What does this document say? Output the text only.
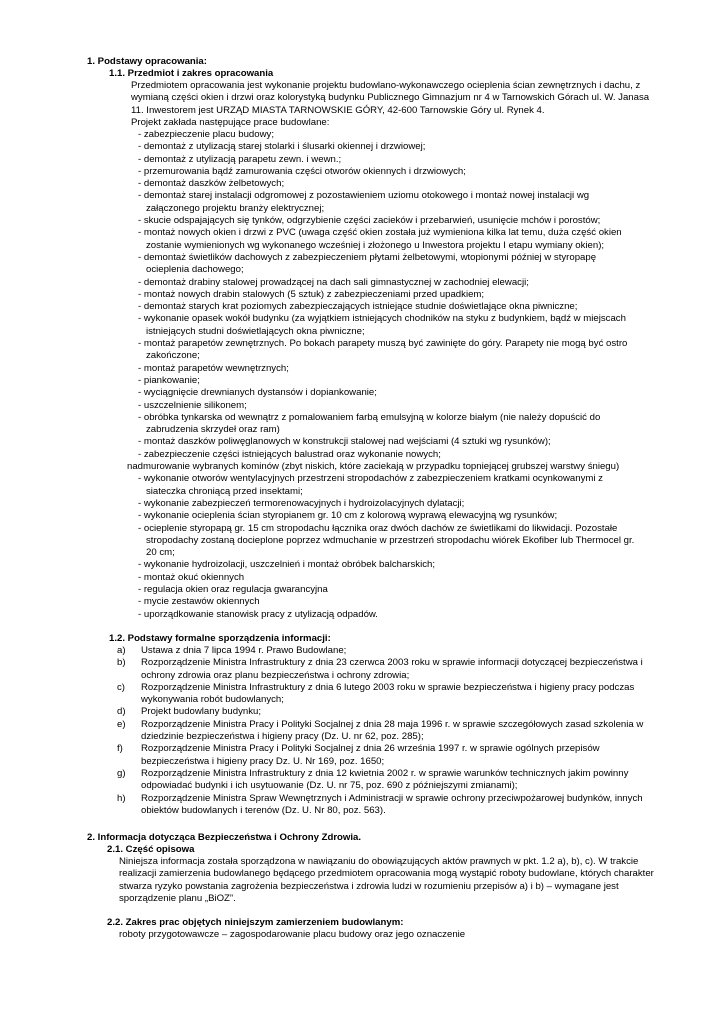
1. Podstawy opracowania:
1.1. Przedmiot i zakres opracowania
Przedmiotem opracowania jest wykonanie projektu budowlano-wykonawczego ocieplenia ścian zewnętrznych i dachu, z wymianą części okien i drzwi oraz kolorystyką budynku Publicznego Gimnazjum nr 4 w Tarnowskich Górach ul. W. Janasa 11. Inwestorem jest URZĄD MIASTA TARNOWSKIE GÓRY, 42-600 Tarnowskie Góry ul. Rynek 4.
Projekt zakłada następujące prace budowlane:
- zabezpieczenie placu budowy;
- demontaż z utylizacją starej stolarki i ślusarki okiennej i drzwiowej;
- demontaż z utylizacją parapetu zewn. i wewn.;
- przemurowania bądź zamurowania części otworów okiennych i drzwiowych;
- demontaż daszków żelbetowych;
- demontaż starej instalacji odgromowej z pozostawieniem uziomu otokowego i montaż nowej instalacji wg załączonego projektu branży elektrycznej;
- skucie odspajających się tynków, odgrzybienie części zacieków i przebarwień, usunięcie mchów i porostów;
- montaż nowych okien i drzwi z PVC (uwaga część okien została już wymieniona kilka lat temu, duża część okien zostanie wymienionych wg wykonanego wcześniej i złożonego u Inwestora projektu I etapu wymiany okien);
- demontaż świetlików dachowych z zabezpieczeniem płytami żelbetowymi, wtopionymi później w styropapę ocieplenia dachowego;
- demontaż drabiny stalowej prowadzącej na dach sali gimnastycznej w zachodniej elewacji;
- montaż nowych drabin stalowych (5 sztuk) z zabezpieczeniami przed upadkiem;
- demontaż starych krat poziomych zabezpieczających istniejące studnie doświetlające okna piwniczne;
- wykonanie opasek wokół budynku (za wyjątkiem istniejących chodników na styku z budynkiem, bądź w miejscach istniejących studni doświetlających okna piwniczne;
- montaż parapetów zewnętrznych. Po bokach parapety muszą być zawinięte do góry. Parapety nie mogą być ostro zakończone;
- montaż parapetów wewnętrznych;
- piankowanie;
- wyciągnięcie drewnianych dystansów i dopiankowanie;
- uszczelnienie silikonem;
- obróbka tynkarska od wewnątrz z pomalowaniem farbą emulsyjną w kolorze białym (nie należy dopuścić do zabrudzenia skrzydeł oraz ram)
- montaż daszków poliwęglanowych w konstrukcji stalowej nad wejściami (4 sztuki wg rysunków);
- zabezpieczenie części istniejących balustrad oraz wykonanie nowych;
nadmurowanie wybranych kominów (zbyt niskich, które zaciekają w przypadku topniejącej grubszej warstwy śniegu)
- wykonanie otworów wentylacyjnych przestrzeni stropodachów z zabezpieczeniem kratkami ocynkowanymi z siateczka chroniącą przed insektami;
- wykonanie zabezpieczeń termorenowacyjnych i hydroizolacyjnych dylatacji;
- wykonanie ocieplenia ścian styropianem gr. 10 cm z kolorową wyprawą elewacyjną wg rysunków;
- ocieplenie styropapą gr. 15 cm stropodachu łącznika oraz dwóch dachów ze świetlikami do likwidacji. Pozostałe stropodachy zostaną docieplone poprzez wdmuchanie w przestrzeń stropodachu wiórek Ekofiber lub Thermocel gr. 20 cm;
- wykonanie hydroizolacji, uszczelnień i montaż obróbek balcharskich;
- montaż okuć okiennych
- regulacja okien oraz regulacja gwarancyjna
- mycie zestawów okiennych
- uporządkowanie stanowisk pracy z utylizacją odpadów.
1.2. Podstawy formalne sporządzenia informacji:
a) Ustawa z dnia 7 lipca 1994 r. Prawo Budowlane;
b) Rozporządzenie Ministra Infrastruktury z dnia 23 czerwca 2003 roku w sprawie informacji dotyczącej bezpieczeństwa i ochrony zdrowia oraz planu bezpieczeństwa i ochrony zdrowia;
c) Rozporządzenie Ministra Infrastruktury z dnia 6 lutego 2003 roku w sprawie bezpieczeństwa i higieny pracy podczas wykonywania robót budowlanych;
d) Projekt budowlany budynku;
e) Rozporządzenie Ministra Pracy i Polityki Socjalnej z dnia 28 maja 1996 r. w sprawie szczegółowych zasad szkolenia w dziedzinie bezpieczeństwa i higieny pracy (Dz. U. nr 62, poz. 285);
f) Rozporządzenie Ministra Pracy i Polityki Socjalnej z dnia 26 września 1997 r. w sprawie ogólnych przepisów bezpieczeństwa i higieny pracy Dz. U. Nr 169, poz. 1650;
g) Rozporządzenie Ministra Infrastruktury z dnia 12 kwietnia 2002 r. w sprawie warunków technicznych jakim powinny odpowiadać budynki i ich usytuowanie (Dz. U. nr 75, poz. 690 z późniejszymi zmianami);
h) Rozporządzenie Ministra Spraw Wewnętrznych i Administracji w sprawie ochrony przeciwpożarowej budynków, innych obiektów budowlanych i terenów (Dz. U. Nr 80, poz. 563).
2. Informacja dotycząca Bezpieczeństwa i Ochrony Zdrowia.
2.1. Część opisowa
Niniejsza informacja została sporządzona w nawiązaniu do obowiązujących aktów prawnych w pkt. 1.2 a), b), c). W trakcie realizacji zamierzenia budowlanego będącego przedmiotem opracowania mogą wystąpić roboty budowlane, których charakter stwarza ryzyko powstania zagrożenia bezpieczeństwa i zdrowia ludzi w rozumieniu przepisów a) i b) – wymagane jest sporządzenie planu „BiOZ”.
2.2. Zakres prac objętych niniejszym zamierzeniem budowlanym:
roboty przygotowawcze – zagospodarowanie placu budowy oraz jego oznaczenie
